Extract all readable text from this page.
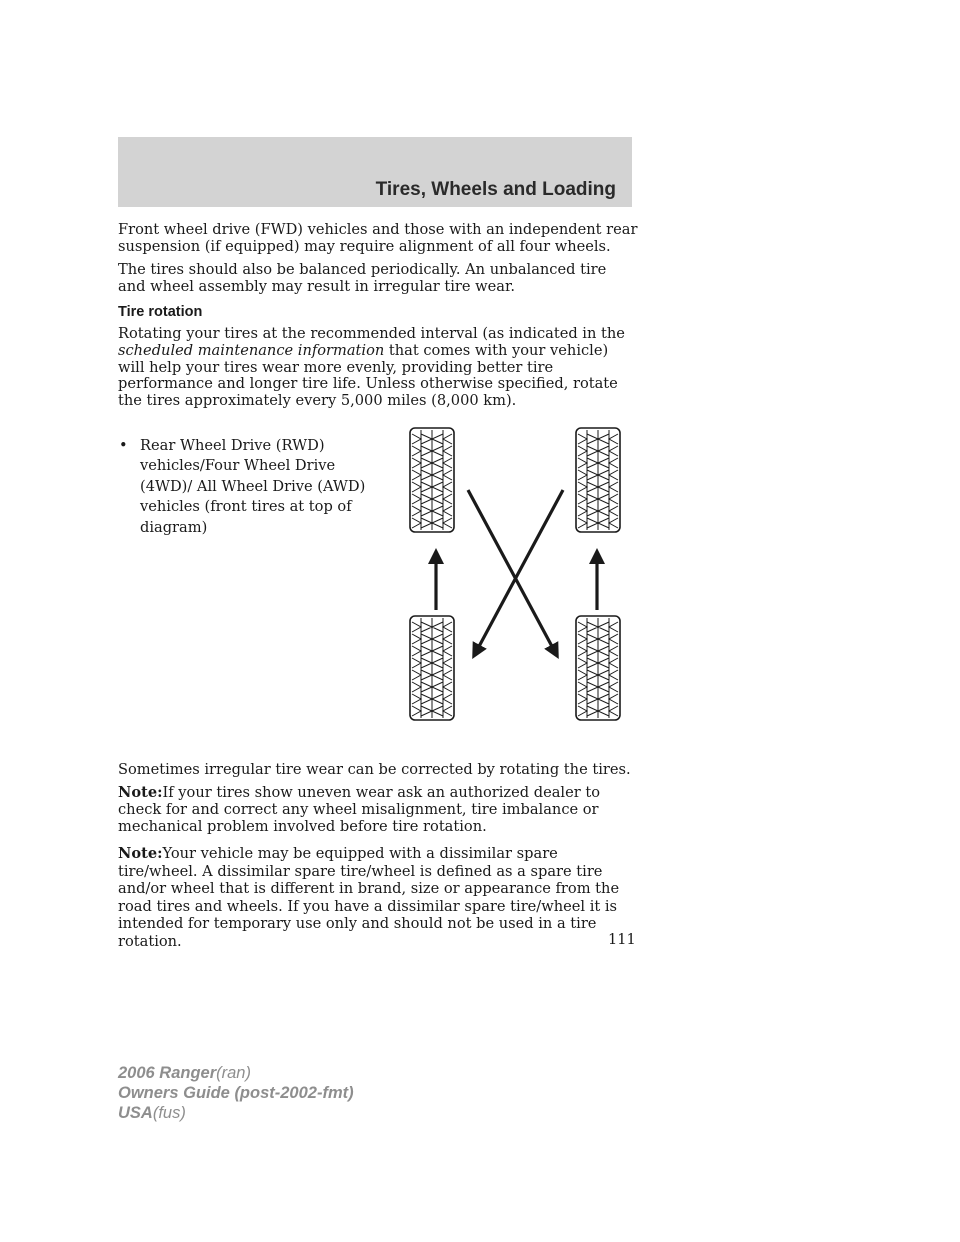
Tires, Wheels and Loading
Front wheel drive (FWD) vehicles and those with an independent rear suspension (if equipped) may require alignment of all four wheels.
The tires should also be balanced periodically. An unbalanced tire and wheel assembly may result in irregular tire wear.
Tire rotation
Rotating your tires at the recommended interval (as indicated in the scheduled maintenance information that comes with your vehicle) will help your tires wear more evenly, providing better tire performance and longer tire life. Unless otherwise specified, rotate the tires approximately every 5,000 miles (8,000 km).
• Rear Wheel Drive (RWD) vehicles/Four Wheel Drive (4WD)/ All Wheel Drive (AWD) vehicles (front tires at top of diagram)
Sometimes irregular tire wear can be corrected by rotating the tires.
Note:If your tires show uneven wear ask an authorized dealer to check for and correct any wheel misalignment, tire imbalance or mechanical problem involved before tire rotation.
Note:Your vehicle may be equipped with a dissimilar spare tire/wheel. A dissimilar spare tire/wheel is defined as a spare tire and/or wheel that is different in brand, size or appearance from the road tires and wheels. If you have a dissimilar spare tire/wheel it is intended for temporary use only and should not be used in a tire rotation.	111
2006 Ranger(ran)
Owners Guide (post-2002-fmt)
USA(fus)
